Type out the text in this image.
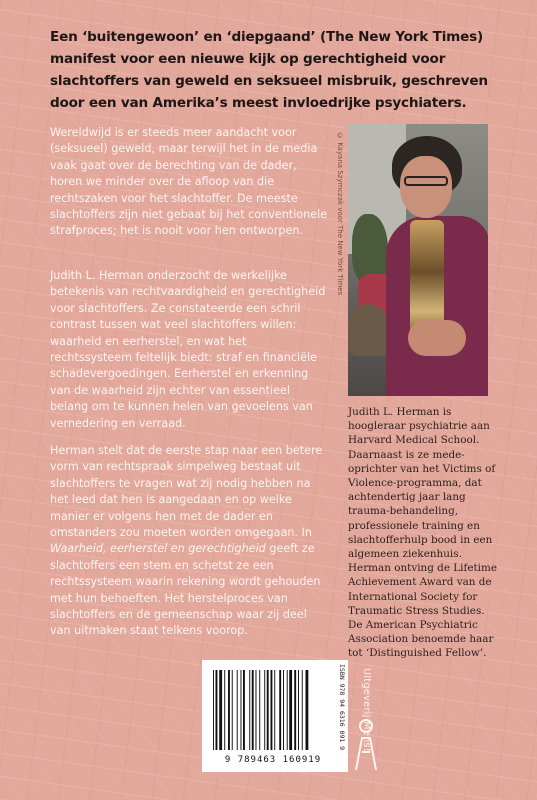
Een ‘buitengewoon’ en ‘diepgaand’ (The New York Times) manifest voor een nieuwe kijk op gerechtigheid voor slachtoffers van geweld en seksueel misbruik, geschreven door een van Amerika’s meest invloedrijke psychiaters.

Wereldwijd is er steeds meer aandacht voor (seksueel) geweld, maar terwijl het in de media vaak gaat over de berechting van de dader, horen we minder over de afloop van die rechtszaken voor het slachtoffer. De meeste slachtoffers zijn niet gebaat bij het conventionele strafproces; het is nooit voor hen ontworpen.

Judith L. Herman onderzocht de werkelijke betekenis van rechtvaardigheid en gerechtigheid voor slachtoffers. Ze constateerde een schril contrast tussen wat veel slachtoffers willen: waarheid en eerherstel, en wat het rechtssysteem feitelijk biedt: straf en financiële schadevergoedingen. Eerherstel en erkenning van de waarheid zijn echter van essentieel belang om te kunnen helen van gevoelens van vernedering en verraad.

Herman stelt dat de eerste stap naar een betere vorm van rechtspraak simpelweg bestaat uit slachtoffers te vragen wat zij nodig hebben na het leed dat hen is aangedaan en op welke manier er volgens hen met de dader en omstanders zou moeten worden omgegaan. In Waarheid, eerherstel en gerechtigheid geeft ze slachtoffers een stem en schetst ze een rechtssysteem waarin rekening wordt gehouden met hun behoeften. Het herstelproces van slachtoffers en de gemeenschap waar zij deel van uitmaken staat telkens voorop.

© Kayana Szymczak voor The New York Times
Judith L. Herman is hoogleraar psychiatrie aan Harvard Medical School. Daarnaast is ze mede-oprichter van het Victims of Violence-programma, dat achtendertig jaar lang trauma-behandeling, professionele training en slachtofferhulp bood in een algemeen ziekenhuis. Herman ontving de Lifetime Achievement Award van de International Society for Traumatic Stress Studies. De American Psychiatric Association benoemde haar tot ‘Distinguished Fellow’.
9 789463 160919
ISBN 978 94 6316 091 9 Uitgeverij Mens!
